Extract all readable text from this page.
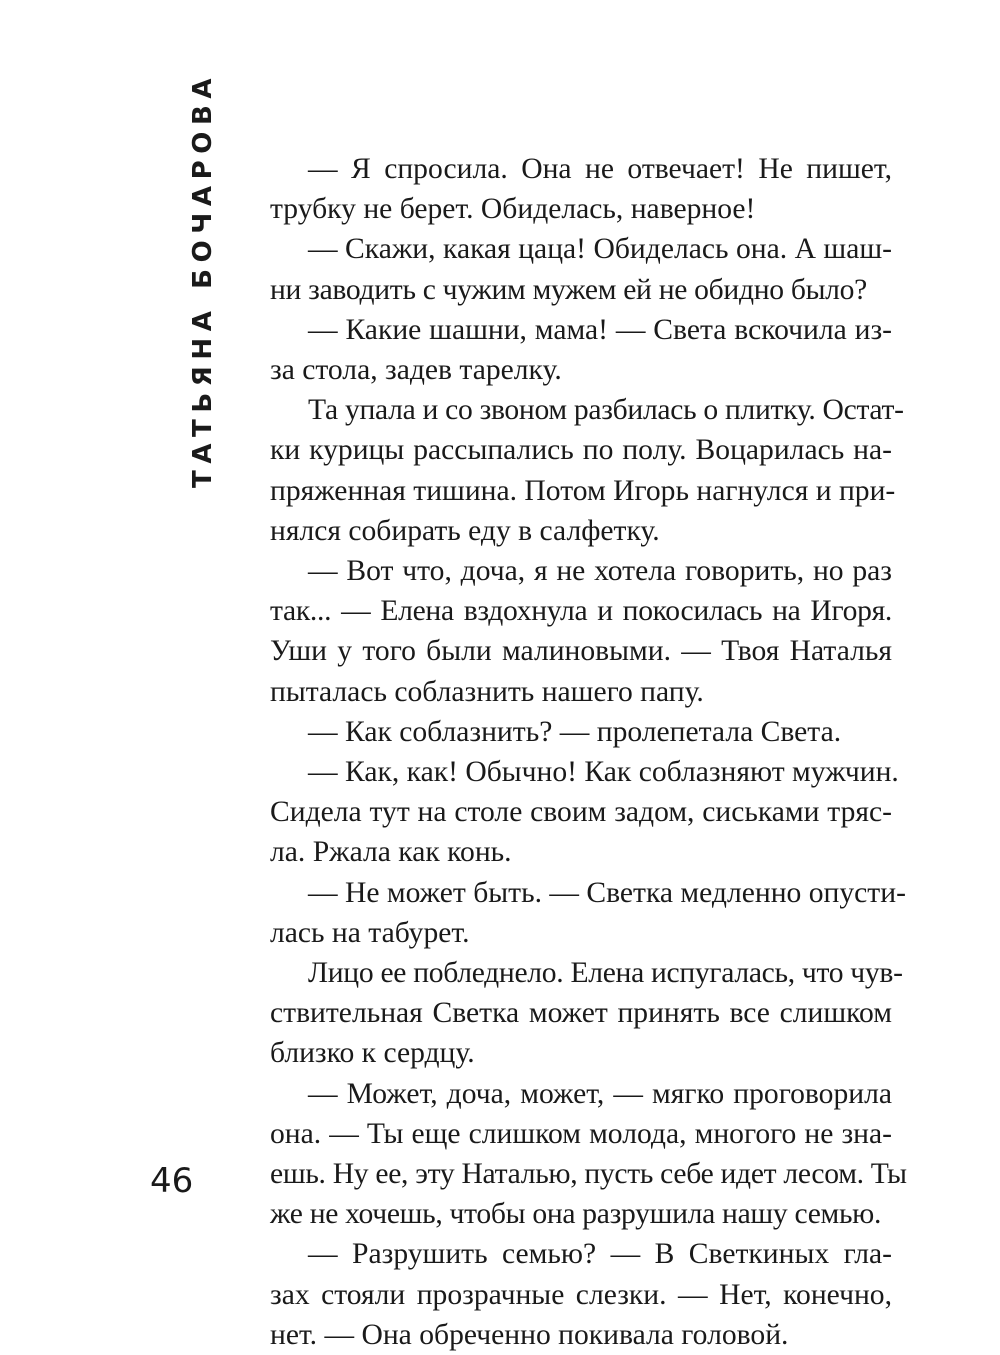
ТАТЬЯНА БОЧАРОВА	— Я спросила. Она не отвечает! Не пишет,
трубку не берет. Обиделась, наверное!

— Скажи, какая цаца! Обиделась она. А шаш-
ни заводить с чужим мужем ей не обидно было?

— Какие шашни, мама! — Света вскочила из-
за стола, задев тарелку.

Та упала и со звоном разбилась о плитку. Остат-
ки курицы рассыпались по полу. Воцарилась на-
пряженная тишина. Потом Игорь нагнулся и при-
нялся собирать еду в салфетку.

— Вот что, доча, я не хотела говорить, но раз
так... — Елена вздохнула и покосилась на Игоря.
Уши у того были малиновыми. — Твоя Наталья
пыталась соблазнить нашего папу.

— Как соблазнить? — пролепетала Света.

— Как, как! Обычно! Как соблазняют мужчин.
Сидела тут на столе своим задом, сиськами тряс-
ла. Ржала как конь.

— Не может быть. — Светка медленно опусти-
лась на табурет.

Лицо ее побледнело. Елена испугалась, что чув-
ствительная Светка может принять все слишком
близко к сердцу.

— Может, доча, может, — мягко проговорила
она. — Ты еще слишком молода, многого не зна-
ешь. Ну ее, эту Наталью, пусть себе идет лесом. Ты
же не хочешь, чтобы она разрушила нашу семью.

— Разрушить семью? — В Светкиных гла-
зах стояли прозрачные слезки. — Нет, конечно,
нет. — Она обреченно покивала головой.

46
